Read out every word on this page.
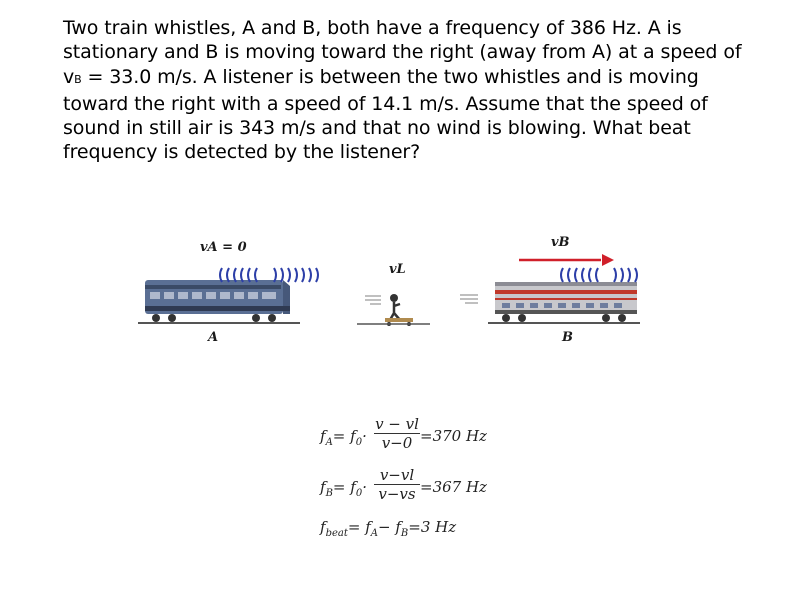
Two train whistles, A and B, both have a frequency of 386 Hz. A is stationary and B is moving toward the right (away from A) at a speed of vB = 33.0 m/s. A listener is between the two whistles and is moving toward the right with a speed of 14.1 m/s. Assume that the speed of sound in still air is 343 m/s and that no wind is blowing. What beat frequency is detected by the listener?
vA = 0
vL
vB
A	B
$f_A= f_0\cdot \frac{v - vl}{v-0} =370$ Hz
$f_B= f_0\cdot \frac{v-vl}{v-vs} =367$ Hz
$f_{beat}= f_A- f_B=3$ Hz
